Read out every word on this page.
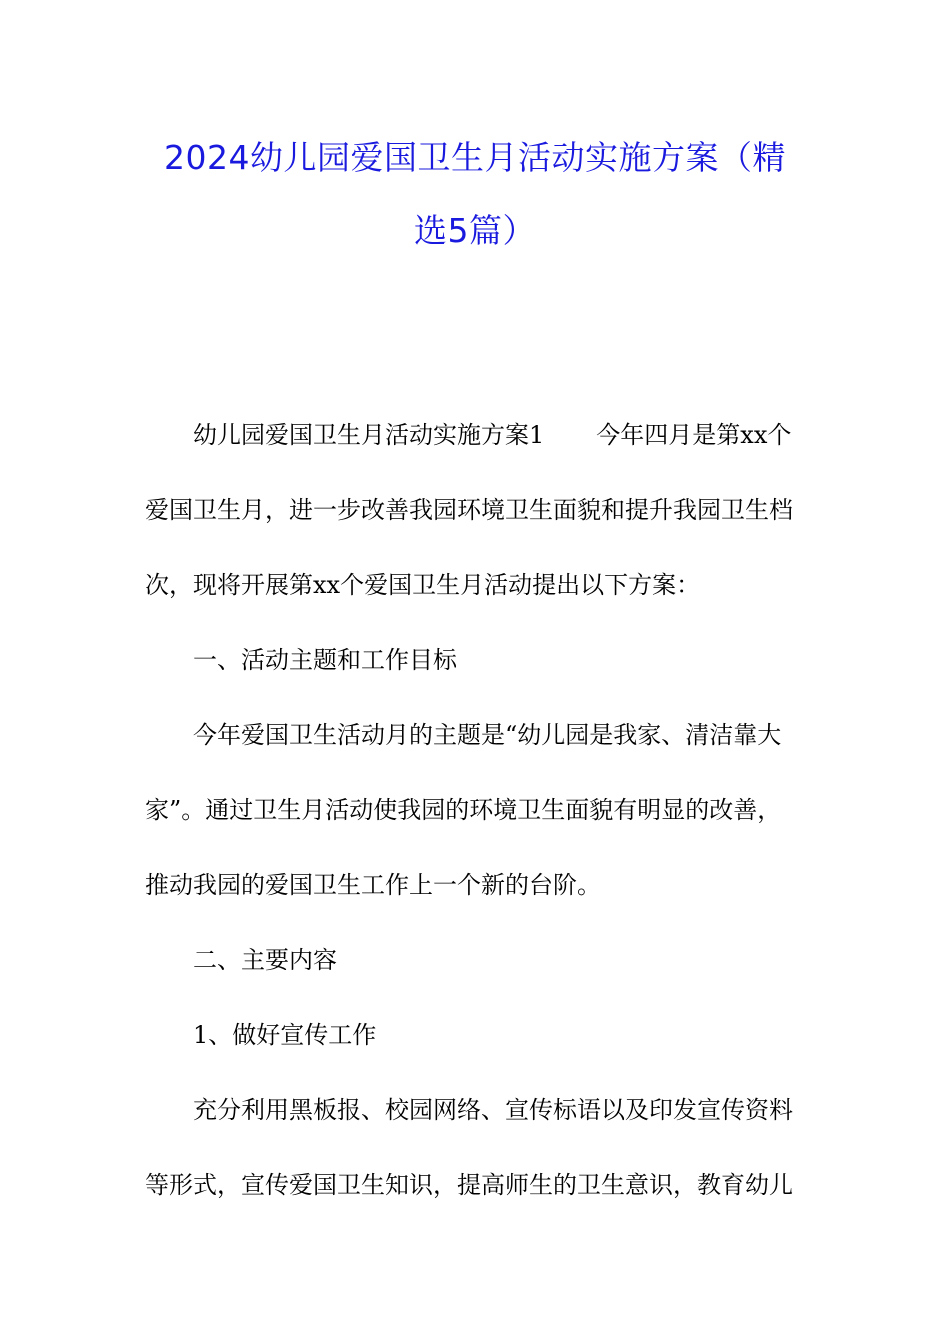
2024幼儿园爱国卫生月活动实施方案（精
选5篇）
幼儿园爱国卫生月活动实施方案1 今年四月是第xx个
爱国卫生月，进一步改善我园环境卫生面貌和提升我园卫生档
次，现将开展第xx个爱国卫生月活动提出以下方案：
一、活动主题和工作目标
今年爱国卫生活动月的主题是“幼儿园是我家、清洁靠大
家”。通过卫生月活动使我园的环境卫生面貌有明显的改善，
推动我园的爱国卫生工作上一个新的台阶。
二、主要内容
1、做好宣传工作
充分利用黑板报、校园网络、宣传标语以及印发宣传资料
等形式，宣传爱国卫生知识，提高师生的卫生意识，教育幼儿
